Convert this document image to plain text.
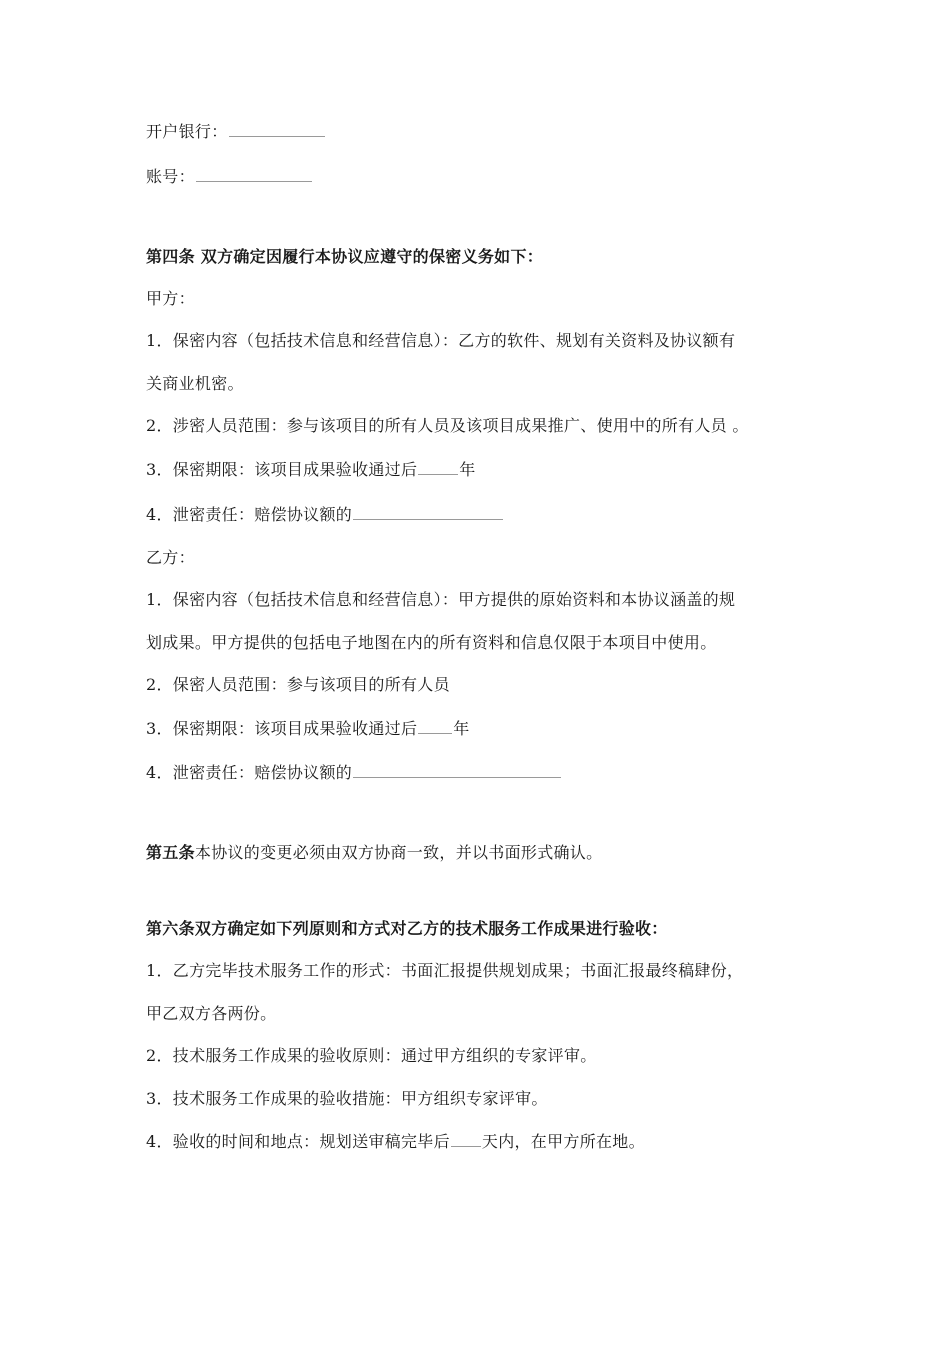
开户银行：
账号：
第四条 双方确定因履行本协议应遵守的保密义务如下：
甲方：
1．保密内容（包括技术信息和经营信息）：乙方的软件、规划有关资料及协议额有
关商业机密。
2．涉密人员范围：参与该项目的所有人员及该项目成果推广、使用中的所有人员 。
3．保密期限：该项目成果验收通过后	年
4．泄密责任：赔偿协议额的
乙方：
1．保密内容（包括技术信息和经营信息）：甲方提供的原始资料和本协议涵盖的规
划成果。甲方提供的包括电子地图在内的所有资料和信息仅限于本项目中使用。
2．保密人员范围：参与该项目的所有人员
3．保密期限：该项目成果验收通过后 年
4．泄密责任：赔偿协议额的
第五条本协议的变更必须由双方协商一致，并以书面形式确认。
第六条双方确定如下列原则和方式对乙方的技术服务工作成果进行验收：
1．乙方完毕技术服务工作的形式：书面汇报提供规划成果；书面汇报最终稿肆份，
甲乙双方各两份。
2．技术服务工作成果的验收原则：通过甲方组织的专家评审。
3．技术服务工作成果的验收措施：甲方组织专家评审。
4．验收的时间和地点：规划送审稿完毕后 天内，在甲方所在地。
